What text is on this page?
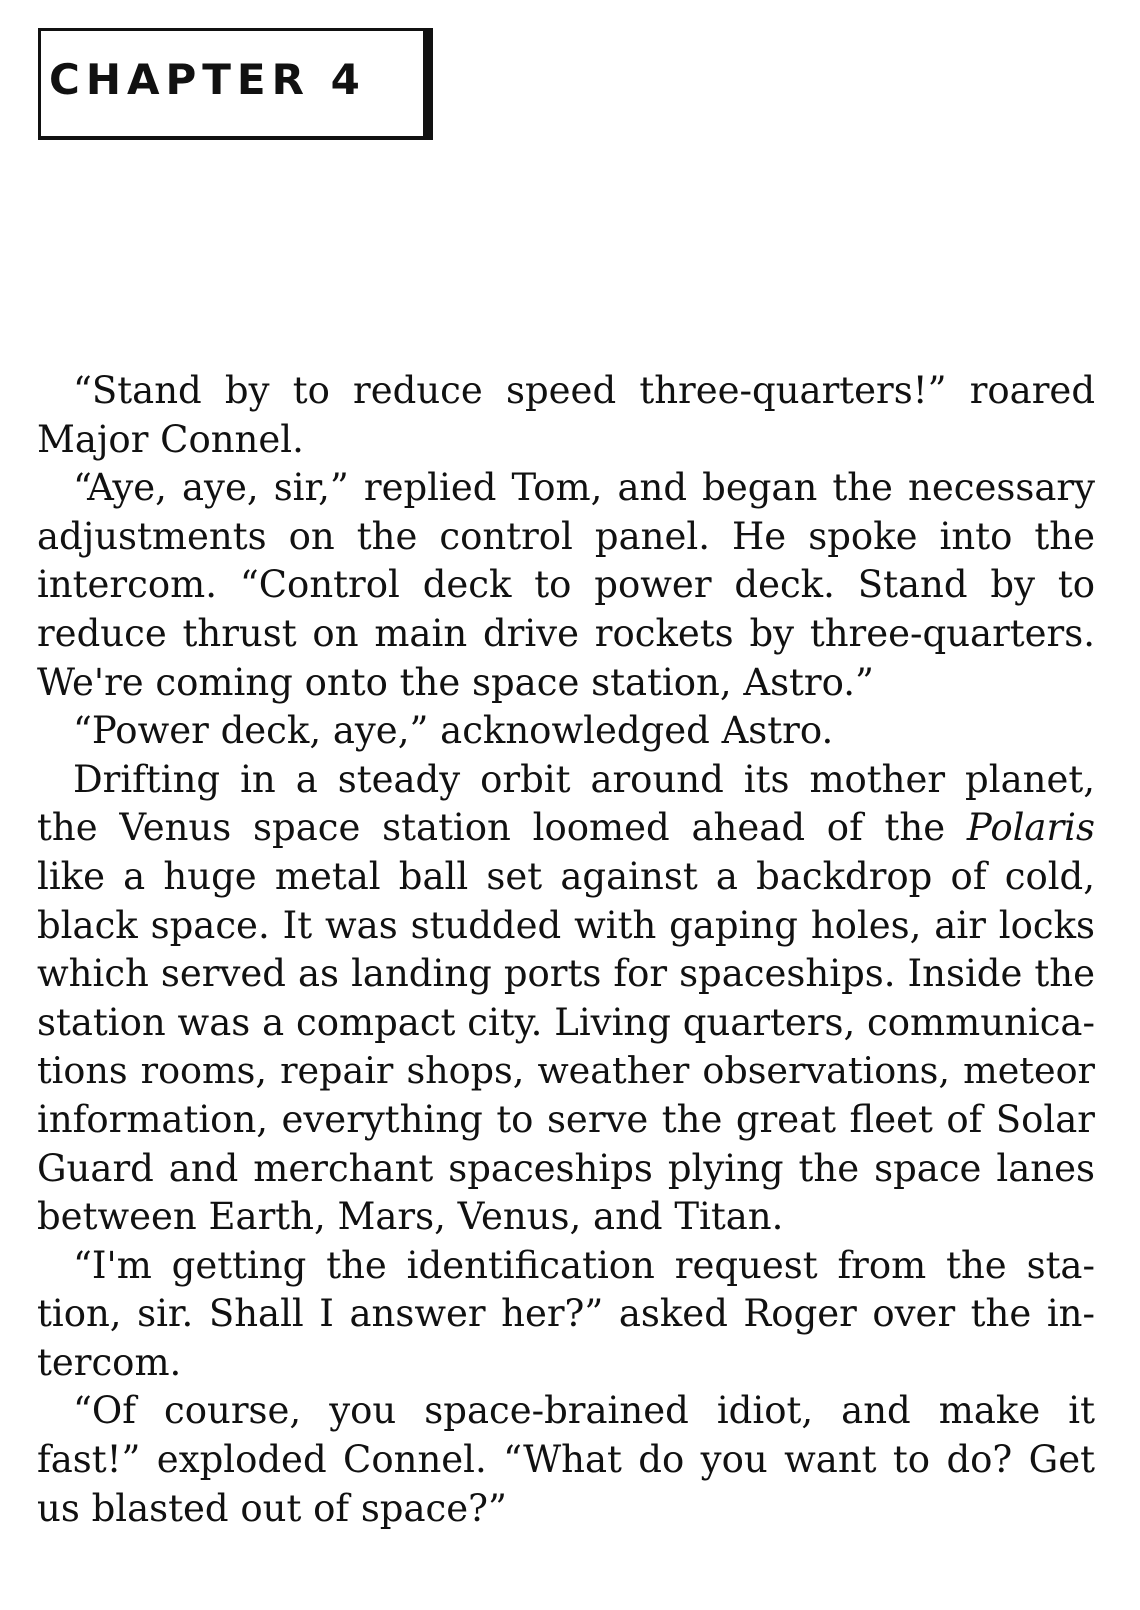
CHAPTER 4
“Stand by to reduce speed three-quarters!” roared
Major Connel.
“Aye, aye, sir,” replied Tom, and began the necessary
adjustments on the control panel. He spoke into the
intercom. “Control deck to power deck. Stand by to
reduce thrust on main drive rockets by three-quarters.
We're coming onto the space station, Astro.”
“Power deck, aye,” acknowledged Astro.
Drifting in a steady orbit around its mother planet,
the Venus space station loomed ahead of the Polaris
like a huge metal ball set against a backdrop of cold,
black space. It was studded with gaping holes, air locks
which served as landing ports for spaceships. Inside the
station was a compact city. Living quarters, communica-
tions rooms, repair shops, weather observations, meteor
information, everything to serve the great fleet of Solar
Guard and merchant spaceships plying the space lanes
between Earth, Mars, Venus, and Titan.
“I'm getting the identification request from the sta-
tion, sir. Shall I answer her?” asked Roger over the in-
tercom.
“Of course, you space-brained idiot, and make it
fast!” exploded Connel. “What do you want to do? Get
us blasted out of space?”
